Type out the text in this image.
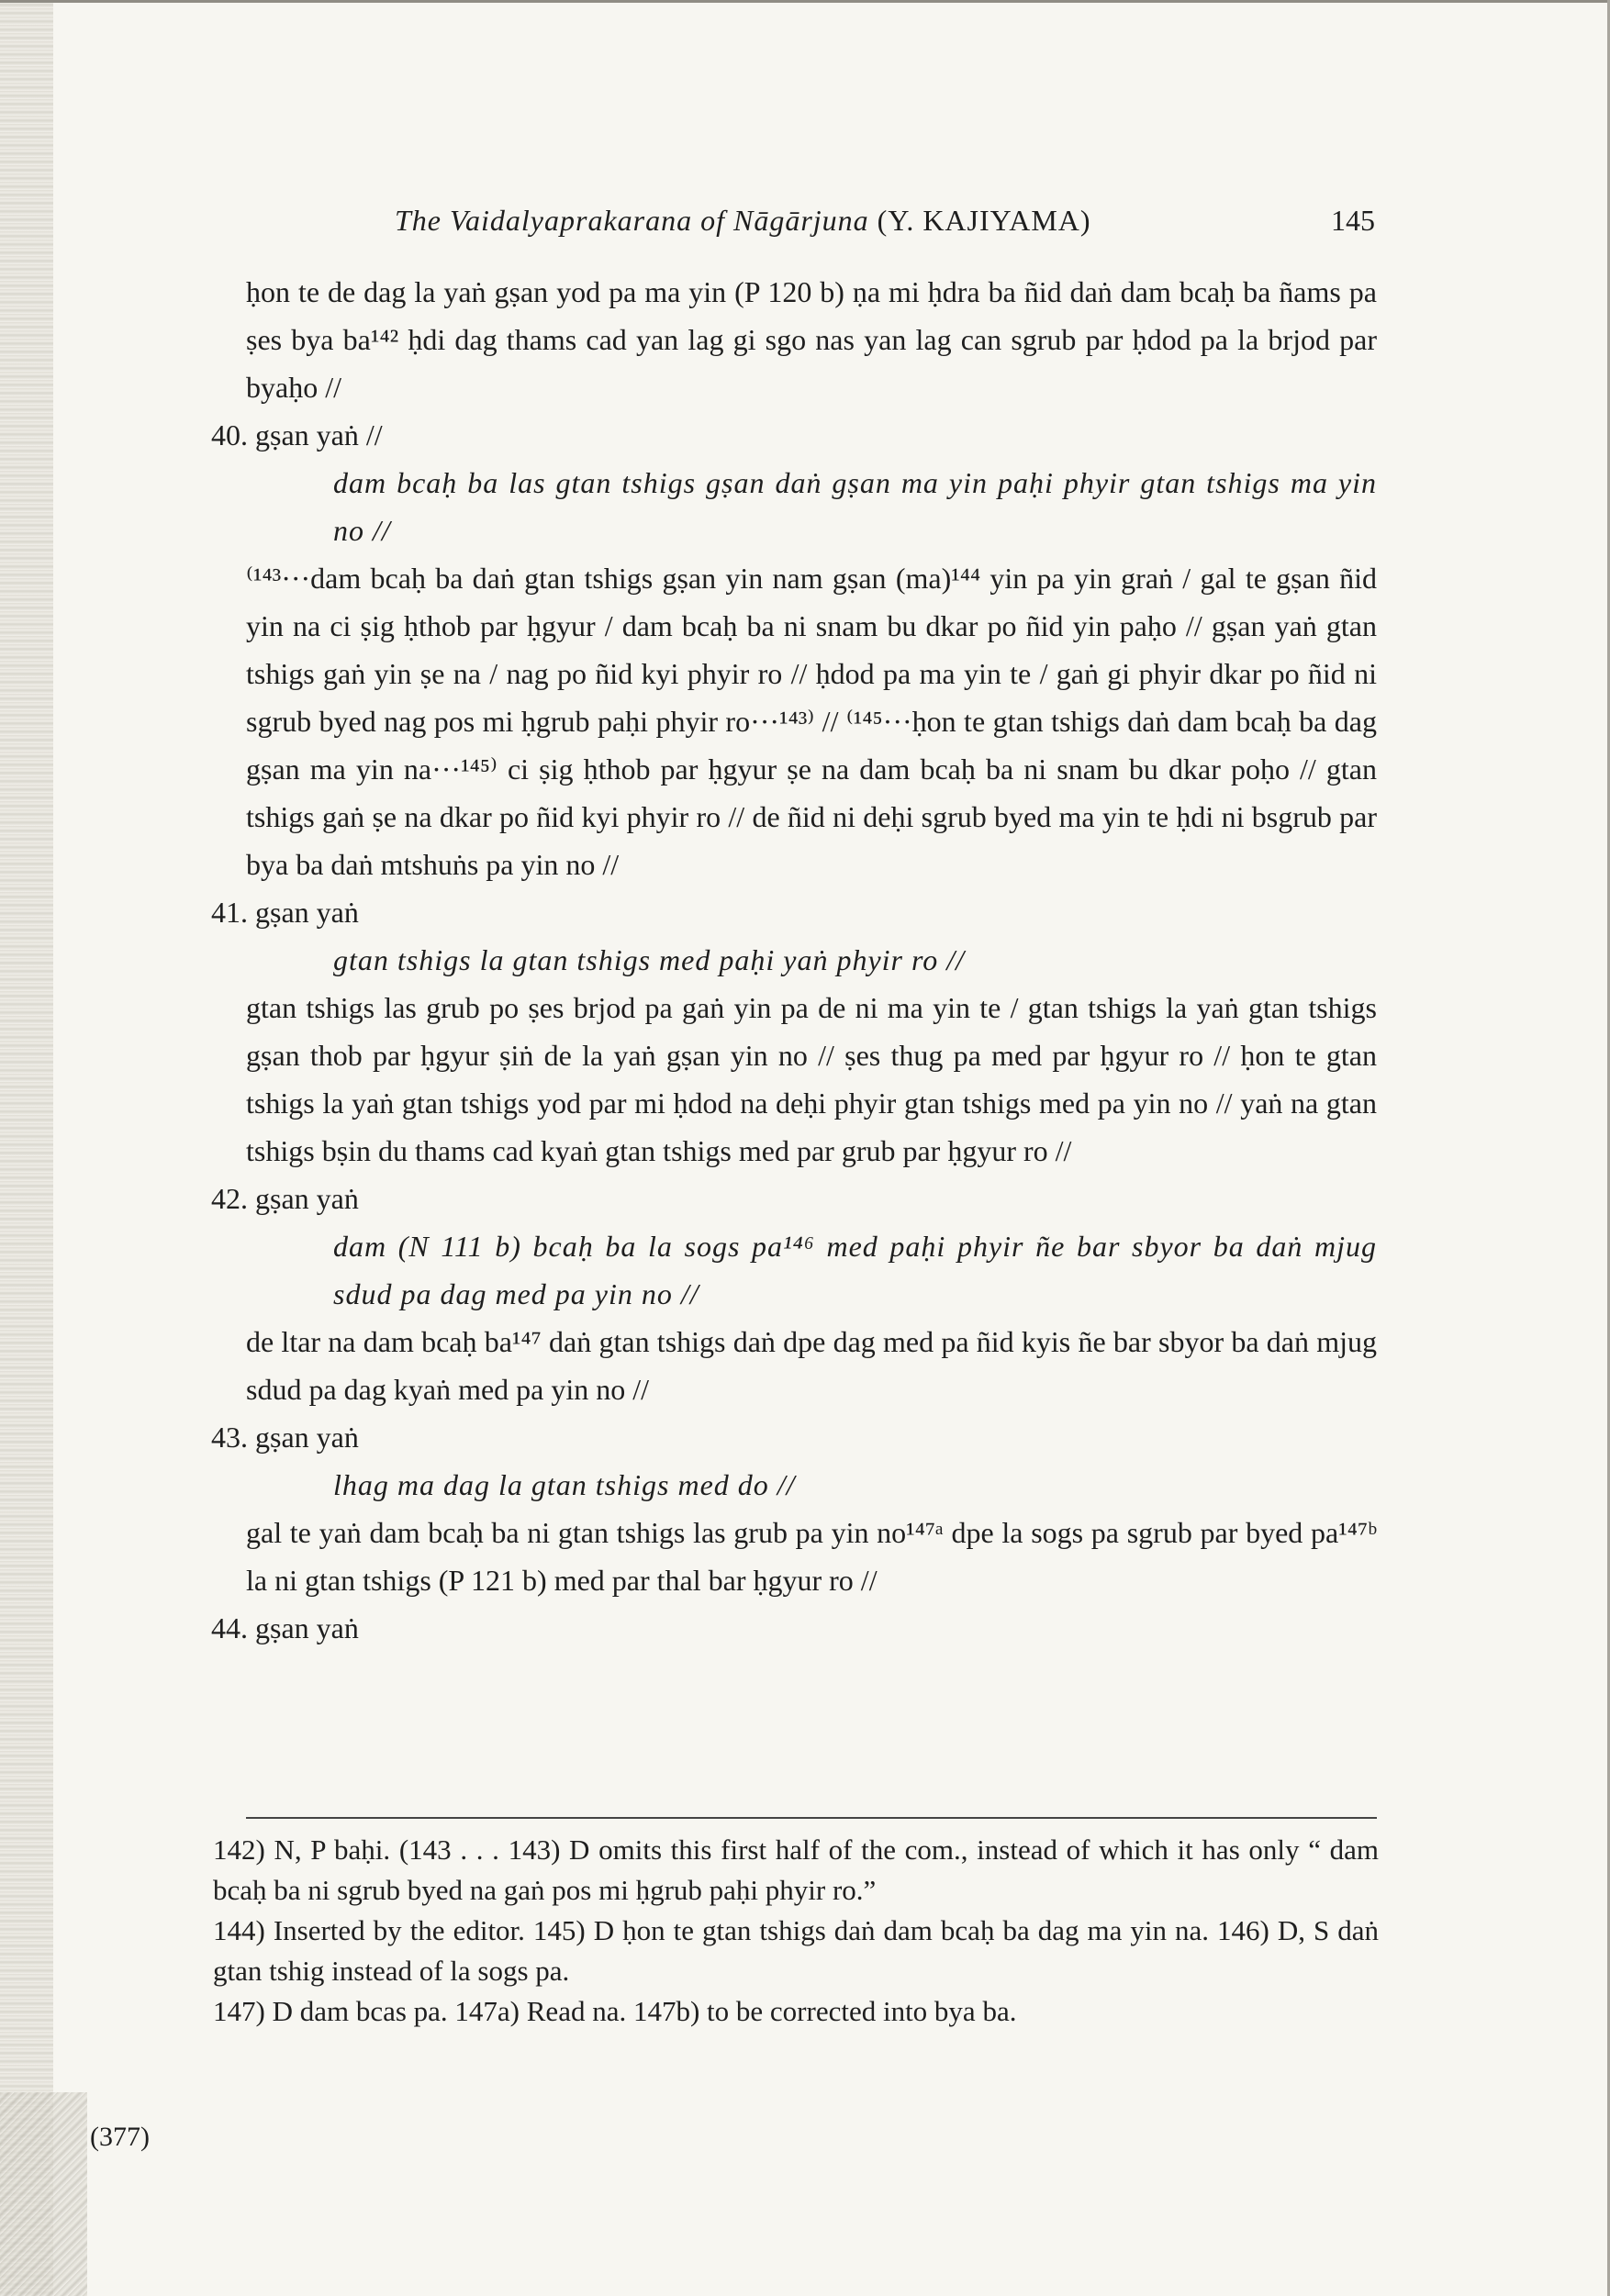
The Vaidalyaprakarana of Nāgārjuna (Y. KAJIYAMA)	145

ḥon te de dag la yaṅ gṣan yod pa ma yin (P 120 b) ṇa mi ḥdra ba ñid daṅ dam bcaḥ ba ñams pa ṣes bya ba¹⁴² ḥdi dag thams cad yan lag gi sgo nas yan lag can sgrub par ḥdod pa la brjod par byaḥo //

40. gṣan yaṅ //

dam bcaḥ ba las gtan tshigs gṣan daṅ gṣan ma yin paḥi phyir gtan tshigs ma yin no //

⁽¹⁴³···dam bcaḥ ba daṅ gtan tshigs gṣan yin nam gṣan (ma)¹⁴⁴ yin pa yin graṅ / gal te gṣan ñid yin na ci ṣig ḥthob par ḥgyur / dam bcaḥ ba ni snam bu dkar po ñid yin paḥo // gṣan yaṅ gtan tshigs gaṅ yin ṣe na / nag po ñid kyi phyir ro // ḥdod pa ma yin te / gaṅ gi phyir dkar po ñid ni sgrub byed nag pos mi ḥgrub paḥi phyir ro···¹⁴³⁾ // ⁽¹⁴⁵···ḥon te gtan tshigs daṅ dam bcaḥ ba dag gṣan ma yin na···¹⁴⁵⁾ ci ṣig ḥthob par ḥgyur ṣe na dam bcaḥ ba ni snam bu dkar poḥo // gtan tshigs gaṅ ṣe na dkar po ñid kyi phyir ro // de ñid ni deḥi sgrub byed ma yin te ḥdi ni bsgrub par bya ba daṅ mtshuṅs pa yin no //

41. gṣan yaṅ

gtan tshigs la gtan tshigs med paḥi yaṅ phyir ro //

gtan tshigs las grub po ṣes brjod pa gaṅ yin pa de ni ma yin te / gtan tshigs la yaṅ gtan tshigs gṣan thob par ḥgyur ṣiṅ de la yaṅ gṣan yin no // ṣes thug pa med par ḥgyur ro // ḥon te gtan tshigs la yaṅ gtan tshigs yod par mi ḥdod na deḥi phyir gtan tshigs med pa yin no // yaṅ na gtan tshigs bṣin du thams cad kyaṅ gtan tshigs med par grub par ḥgyur ro //

42. gṣan yaṅ

dam (N 111 b) bcaḥ ba la sogs pa¹⁴⁶ med paḥi phyir ñe bar sbyor ba daṅ mjug sdud pa dag med pa yin no //

de ltar na dam bcaḥ ba¹⁴⁷ daṅ gtan tshigs daṅ dpe dag med pa ñid kyis ñe bar sbyor ba daṅ mjug sdud pa dag kyaṅ med pa yin no //

43. gṣan yaṅ

lhag ma dag la gtan tshigs med do //

gal te yaṅ dam bcaḥ ba ni gtan tshigs las grub pa yin no¹⁴⁷ᵃ dpe la sogs pa sgrub par byed pa¹⁴⁷ᵇ la ni gtan tshigs (P 121 b) med par thal bar ḥgyur ro //

44. gṣan yaṅ

142) N, P baḥi. (143 . . . 143) D omits this first half of the com., instead of which it has only “ dam bcaḥ ba ni sgrub byed na gaṅ pos mi ḥgrub paḥi phyir ro.”

144) Inserted by the editor. 145) D ḥon te gtan tshigs daṅ dam bcaḥ ba dag ma yin na. 146) D, S daṅ gtan tshig instead of la sogs pa.

147) D dam bcas pa. 147a) Read na. 147b) to be corrected into bya ba.

(377)
